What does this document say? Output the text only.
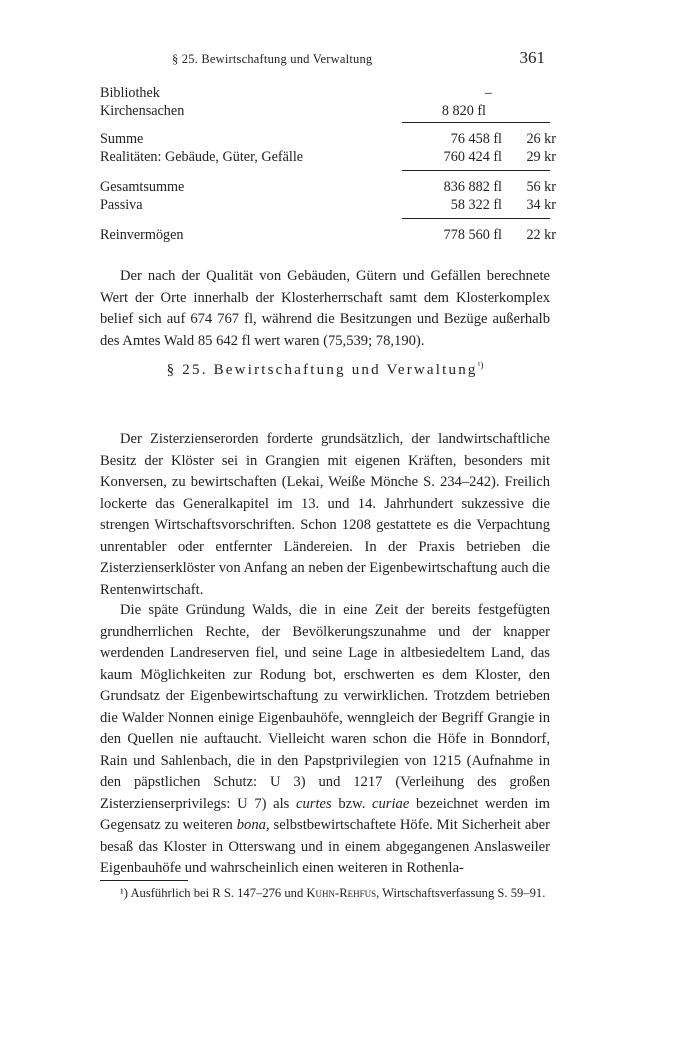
§ 25. Bewirtschaftung und Verwaltung	361
Bibliothek	–
Kirchensachen	8 820 fl
Summe	76 458 fl 26 kr
Realitäten: Gebäude, Güter, Gefälle	760 424 fl 29 kr
Gesamtsumme	836 882 fl 56 kr
Passiva	58 322 fl 34 kr
Reinvermögen	778 560 fl 22 kr

Der nach der Qualität von Gebäuden, Gütern und Gefällen berechnete Wert der Orte innerhalb der Klosterherrschaft samt dem Klosterkomplex belief sich auf 674 767 fl, während die Besitzungen und Bezüge außerhalb des Amtes Wald 85 642 fl wert waren (75,539; 78,190).

§ 25. Bewirtschaftung und Verwaltung$^{^1)}$

Der Zisterzienserorden forderte grundsätzlich, der landwirtschaftliche Besitz der Klöster sei in Grangien mit eigenen Kräften, besonders mit Konversen, zu bewirtschaften (Lekai, Weiße Mönche S. 234–242). Freilich lockerte das Generalkapitel im 13. und 14. Jahrhundert sukzessive die strengen Wirtschaftsvorschriften. Schon 1208 gestattete es die Verpachtung unrentabler oder entfernter Ländereien. In der Praxis betrieben die Zisterzienserklöster von Anfang an neben der Eigenbewirtschaftung auch die Rentenwirtschaft.

Die späte Gründung Walds, die in eine Zeit der bereits festgefügten grundherrlichen Rechte, der Bevölkerungszunahme und der knapper werdenden Landreserven fiel, und seine Lage in altbesiedeltem Land, das kaum Möglichkeiten zur Rodung bot, erschwerten es dem Kloster, den Grundsatz der Eigenbewirtschaftung zu verwirklichen. Trotzdem betrieben die Walder Nonnen einige Eigenbauhöfe, wenngleich der Begriff Grangie in den Quellen nie auftaucht. Vielleicht waren schon die Höfe in Bonndorf, Rain und Sahlenbach, die in den Papstprivilegien von 1215 (Aufnahme in den päpstlichen Schutz: U 3) und 1217 (Verleihung des großen Zisterzienserprivilegs: U 7) als curtes bzw. curiae bezeichnet werden im Gegensatz zu weiteren bona, selbstbewirtschaftete Höfe. Mit Sicherheit aber besaß das Kloster in Otterswang und in einem abgegangenen Anslasweiler Eigenbauhöfe und wahrscheinlich einen weiteren in Rothenla-

¹) Ausführlich bei R S. 147–276 und Kuhn-Rehfus, Wirtschaftsverfassung S. 59–91.
